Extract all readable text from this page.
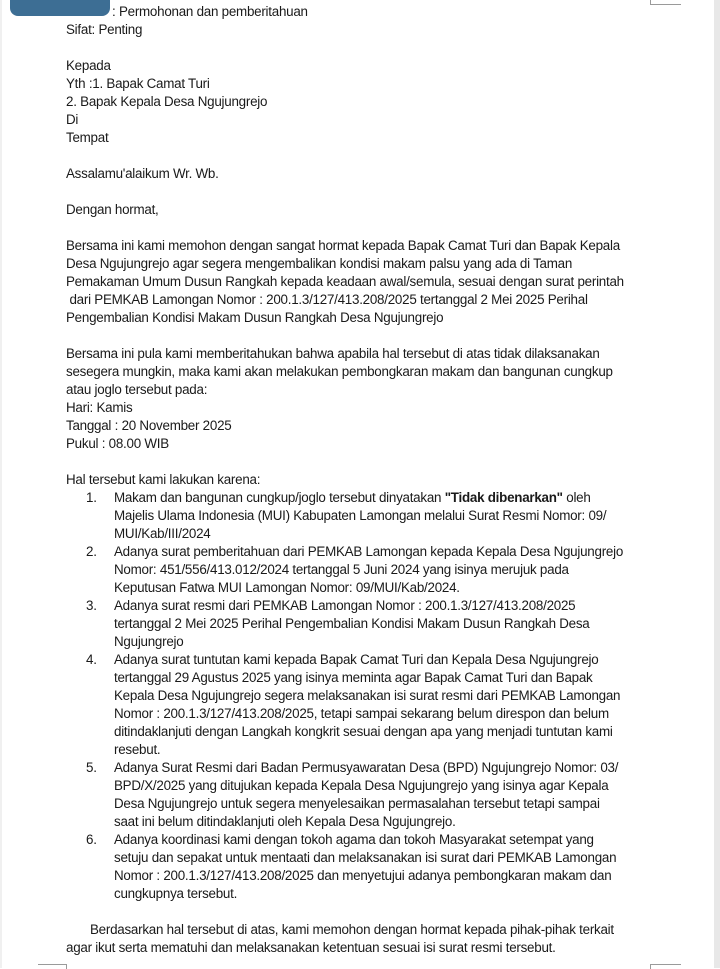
: Permohonan dan pemberitahuan
Sifat: Penting
Kepada
Yth :1. Bapak Camat Turi
2. Bapak Kepala Desa Ngujungrejo
Di
Tempat
Assalamu'alaikum Wr. Wb.
Dengan hormat,
Bersama ini kami memohon dengan sangat hormat kepada Bapak Camat Turi dan Bapak Kepala
Desa Ngujungrejo agar segera mengembalikan kondisi makam palsu yang ada di Taman
Pemakaman Umum Dusun Rangkah kepada keadaan awal/semula, sesuai dengan surat perintah
dari PEMKAB Lamongan Nomor : 200.1.3/127/413.208/2025 tertanggal 2 Mei 2025 Perihal
Pengembalian Kondisi Makam Dusun Rangkah Desa Ngujungrejo
Bersama ini pula kami memberitahukan bahwa apabila hal tersebut di atas tidak dilaksanakan
sesegera mungkin, maka kami akan melakukan pembongkaran makam dan bangunan cungkup
atau joglo tersebut pada:
Hari: Kamis
Tanggal : 20 November 2025
Pukul : 08.00 WIB
Hal tersebut kami lakukan karena:
1. Makam dan bangunan cungkup/joglo tersebut dinyatakan "Tidak dibenarkan" oleh
Majelis Ulama Indonesia (MUI) Kabupaten Lamongan melalui Surat Resmi Nomor: 09/
MUI/Kab/III/2024
2. Adanya surat pemberitahuan dari PEMKAB Lamongan kepada Kepala Desa Ngujungrejo
Nomor: 451/556/413.012/2024 tertanggal 5 Juni 2024 yang isinya merujuk pada
Keputusan Fatwa MUI Lamongan Nomor: 09/MUI/Kab/2024.
3. Adanya surat resmi dari PEMKAB Lamongan Nomor : 200.1.3/127/413.208/2025
tertanggal 2 Mei 2025 Perihal Pengembalian Kondisi Makam Dusun Rangkah Desa
Ngujungrejo
4. Adanya surat tuntutan kami kepada Bapak Camat Turi dan Kepala Desa Ngujungrejo
tertanggal 29 Agustus 2025 yang isinya meminta agar Bapak Camat Turi dan Bapak
Kepala Desa Ngujungrejo segera melaksanakan isi surat resmi dari PEMKAB Lamongan
Nomor : 200.1.3/127/413.208/2025, tetapi sampai sekarang belum direspon dan belum
ditindaklanjuti dengan Langkah kongkrit sesuai dengan apa yang menjadi tuntutan kami
resebut.
5. Adanya Surat Resmi dari Badan Permusyawaratan Desa (BPD) Ngujungrejo Nomor: 03/
BPD/X/2025 yang ditujukan kepada Kepala Desa Ngujungrejo yang isinya agar Kepala
Desa Ngujungrejo untuk segera menyelesaikan permasalahan tersebut tetapi sampai
saat ini belum ditindaklanjuti oleh Kepala Desa Ngujungrejo.
6. Adanya koordinasi kami dengan tokoh agama dan tokoh Masyarakat setempat yang
setuju dan sepakat untuk mentaati dan melaksanakan isi surat dari PEMKAB Lamongan
Nomor : 200.1.3/127/413.208/2025 dan menyetujui adanya pembongkaran makam dan
cungkupnya tersebut.
Berdasarkan hal tersebut di atas, kami memohon dengan hormat kepada pihak-pihak terkait
agar ikut serta mematuhi dan melaksanakan ketentuan sesuai isi surat resmi tersebut.
